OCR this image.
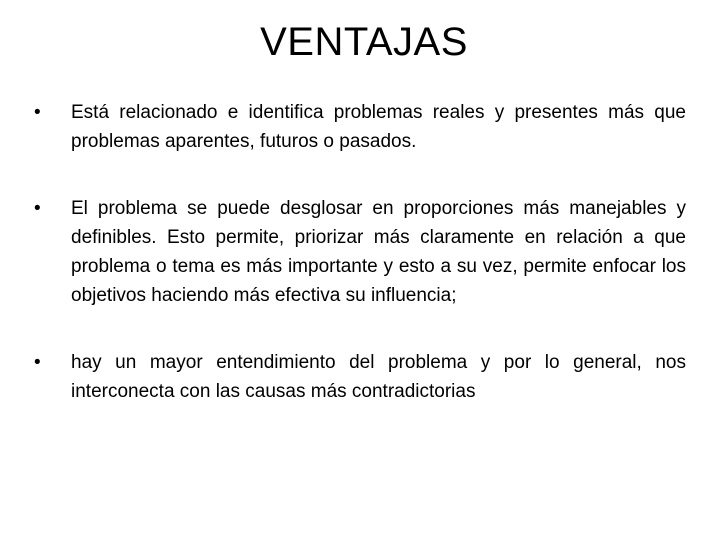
VENTAJAS
•	Está relacionado e identifica problemas reales y presentes más que problemas aparentes, futuros o pasados.
•	El problema se puede desglosar en proporciones más manejables y definibles. Esto permite, priorizar más claramente en relación a que problema o tema es más importante y esto a su vez, permite enfocar los objetivos haciendo más efectiva su influencia;
•	hay un mayor entendimiento del problema y por lo general, nos interconecta con las causas más contradictorias
